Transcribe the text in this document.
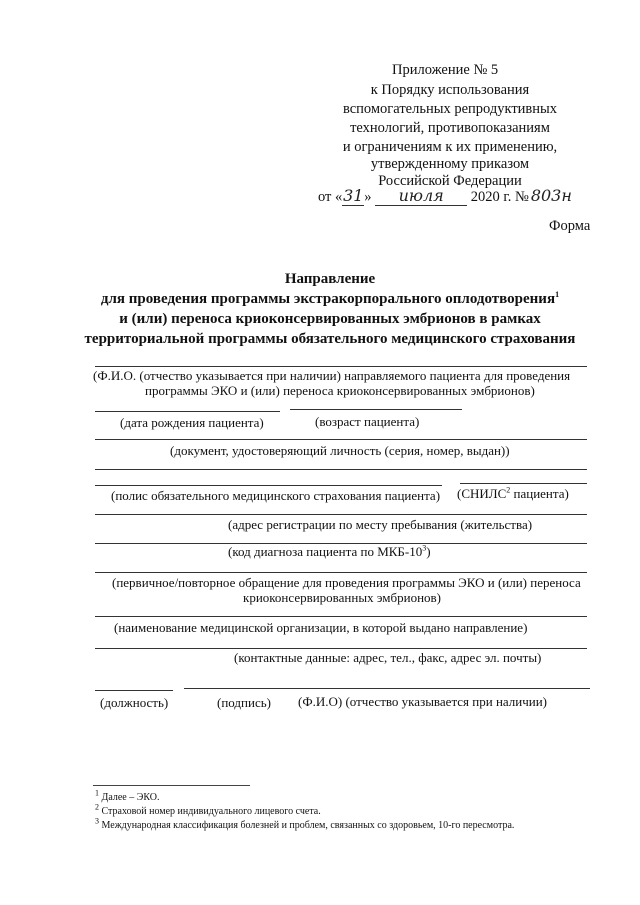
Приложение № 5
к Порядку использования
вспомогательных репродуктивных
технологий, противопоказаниям
и ограничениям к их применению,
утвержденному приказом
Российской Федерации
от «31» июля 2020 г. № 803н
Форма
Направление
для проведения программы экстракорпорального оплодотворения$^1$
и (или) переноса криоконсервированных эмбрионов в рамках
территориальной программы обязательного медицинского страхования
(Ф.И.О. (отчество указывается при наличии) направляемого пациента для проведения
программы ЭКО и (или) переноса криоконсервированных эмбрионов)
(дата рождения пациента)	(возраст пациента)
(документ, удостоверяющий личность (серия, номер, выдан))
(полис обязательного медицинского страхования пациента) (СНИЛС$^2$ пациента)
(адрес регистрации по месту пребывания (жительства)
(код диагноза пациента по МКБ-$10^3$)
(первичное/повторное обращение для проведения программы ЭКО и (или) переноса
криоконсервированных эмбрионов)
(наименование медицинской организации, в которой выдано направление)
(контактные данные: адрес, тел., факс, адрес эл. почты)
(должность)	(подпись) (Ф.И.О) (отчество указывается при наличии)
$^1$ Далее – ЭКО.
$^2$ Страховой номер индивидуального лицевого счета.
$^3$ Международная классификация болезней и проблем, связанных со здоровьем, 10-го пересмотра.
